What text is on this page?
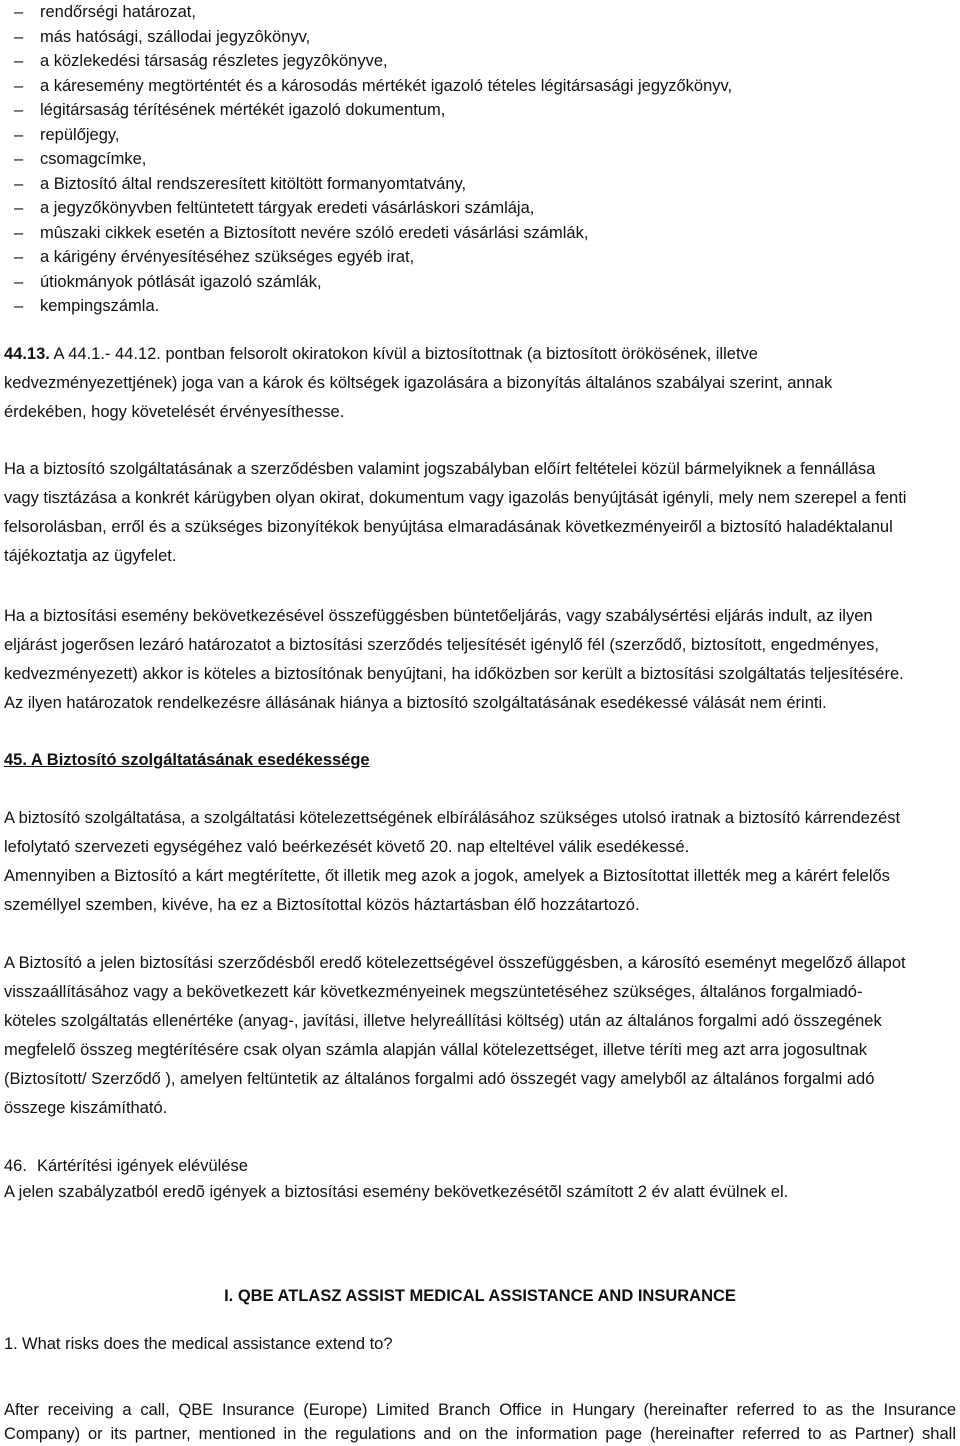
– rendőrségi határozat,
– más hatósági, szállodai jegyzôkönyv,
– a közlekedési társaság részletes jegyzôkönyve,
– a káresemény megtörténtét és a károsodás mértékét igazoló tételes légitársasági jegyzőkönyv,
– légitársaság térítésének mértékét igazoló dokumentum,
– repülőjegy,
– csomagcímke,
– a Biztosító által rendszeresített kitöltött formanyomtatvány,
– a jegyzőkönyvben feltüntetett tárgyak eredeti vásárláskori számlája,
– mûszaki cikkek esetén a Biztosított nevére szóló eredeti vásárlási számlák,
– a kárigény érvényesítéséhez szükséges egyéb irat,
– útiokmányok pótlását igazoló számlák,
– kempingszámla.

44.13. A 44.1.- 44.12. pontban felsorolt okiratokon kívül a biztosítottnak (a biztosított örökösének, illetve
kedvezményezettjének) joga van a károk és költségek igazolására a bizonyítás általános szabályai szerint, annak
érdekében, hogy követelését érvényesíthesse.

Ha a biztosító szolgáltatásának a szerződésben valamint jogszabályban előírt feltételei közül bármelyiknek a fennállása
vagy tisztázása a konkrét kárügyben olyan okirat, dokumentum vagy igazolás benyújtását igényli, mely nem szerepel a fenti
felsorolásban, erről és a szükséges bizonyítékok benyújtása elmaradásának következményeiről a biztosító haladéktalanul
tájékoztatja az ügyfelet.

Ha a biztosítási esemény bekövetkezésével összefüggésben büntetőeljárás, vagy szabálysértési eljárás indult, az ilyen
eljárást jogerősen lezáró határozatot a biztosítási szerződés teljesítését igénylő fél (szerződő, biztosított, engedményes,
kedvezményezett) akkor is köteles a biztosítónak benyújtani, ha időközben sor került a biztosítási szolgáltatás teljesítésére.
Az ilyen határozatok rendelkezésre állásának hiánya a biztosító szolgáltatásának esedékessé válását nem érinti.

45. A Biztosító szolgáltatásának esedékessége

A biztosító szolgáltatása, a szolgáltatási kötelezettségének elbírálásához szükséges utolsó iratnak a biztosító kárrendezést
lefolytató szervezeti egységéhez való beérkezését követő 20. nap elteltével válik esedékessé.
Amennyiben a Biztosító a kárt megtérítette, őt illetik meg azok a jogok, amelyek a Biztosítottat illették meg a kárért felelős
személlyel szemben, kivéve, ha ez a Biztosítottal közös háztartásban élő hozzátartozó.

A Biztosító a jelen biztosítási szerződésből eredő kötelezettségével összefüggésben, a károsító eseményt megelőző állapot
visszaállításához vagy a bekövetkezett kár következményeinek megszüntetéséhez szükséges, általános forgalmiadó-
köteles szolgáltatás ellenértéke (anyag-, javítási, illetve helyreállítási költség) után az általános forgalmi adó összegének
megfelelő összeg megtérítésére csak olyan számla alapján vállal kötelezettséget, illetve téríti meg azt arra jogosultnak
(Biztosított/ Szerződő ), amelyen feltüntetik az általános forgalmi adó összegét vagy amelyből az általános forgalmi adó
összege kiszámítható.

46. Kártérítési igények elévülése
A jelen szabályzatból eredõ igények a biztosítási esemény bekövetkezésétõl számított 2 év alatt évülnek el.
I. QBE ATLASZ ASSIST MEDICAL ASSISTANCE AND INSURANCE
1. What risks does the medical assistance extend to?

After receiving a call, QBE Insurance (Europe) Limited Branch Office in Hungary (hereinafter referred to as the Insurance
Company) or its partner, mentioned in the regulations and on the information page (hereinafter referred to as Partner) shall
